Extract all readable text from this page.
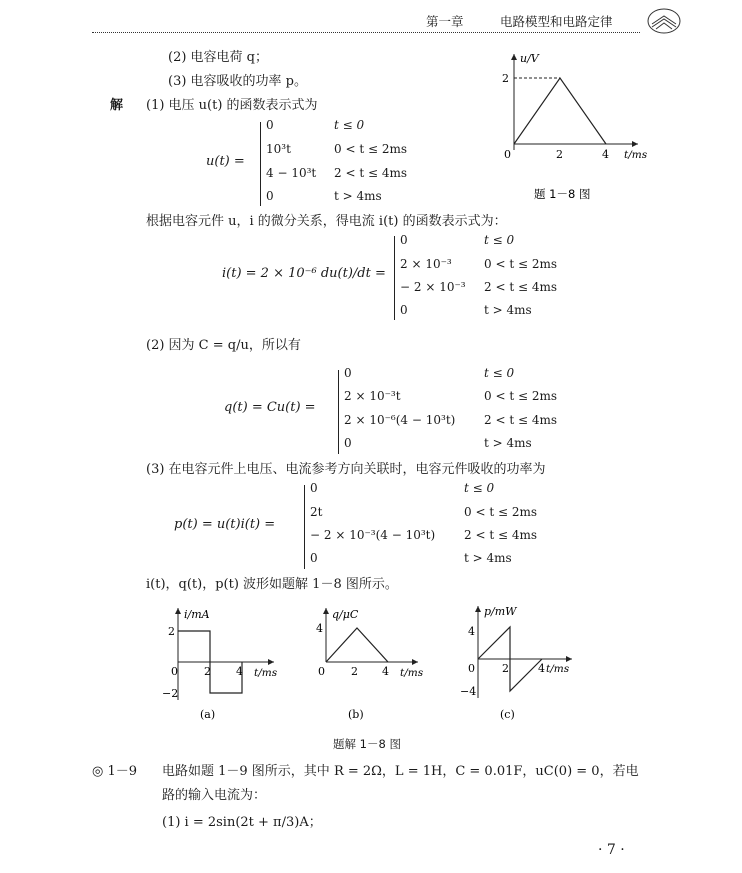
第一章	电路模型和电路定律
(2) 电容电荷 q；
(3) 电容吸收的功率 p。
解 (1) 电压 u(t) 的函数表示式为
u/V
2
0	2	4 t/ms
题 1－8 图
u(t) =
0	t ≤ 0
10³t	0 < t ≤ 2ms
4 − 10³t 2 < t ≤ 4ms
0	t > 4ms
根据电容元件 u，i 的微分关系，得电流 i(t) 的函数表示式为：
i(t) = 2 × 10⁻⁶ du(t)/dt =
0	t ≤ 0
2 × 10⁻³	0 < t ≤ 2ms
− 2 × 10⁻³ 2 < t ≤ 4ms
0	t > 4ms
(2) 因为 C = q/u，所以有
q(t) = Cu(t) =
0	t ≤ 0
2 × 10⁻³t	0 < t ≤ 2ms
2 × 10⁻⁶(4 − 10³t) 2 < t ≤ 4ms
0	t > 4ms
(3) 在电容元件上电压、电流参考方向关联时，电容元件吸收的功率为
p(t) = u(t)i(t) =
0	t ≤ 0
2t	0 < t ≤ 2ms
− 2 × 10⁻³(4 − 10³t) 2 < t ≤ 4ms
0	t > 4ms
i(t)，q(t)，p(t) 波形如题解 1－8 图所示。
i/mA
2
−2
0 2 4 t/ms
(a)
q/μC
4
0 2 4 t/ms
(b)
p/mW
4
−4
0 2	4 t/ms
(c)
题解 1－8 图
◎ 1－9 电路如题 1－9 图所示，其中 R = 2Ω，L = 1H，C = 0.01F，uC(0) = 0，若电
路的输入电流为：
(1) i = 2sin(2t + π/3)A；
· 7 ·
